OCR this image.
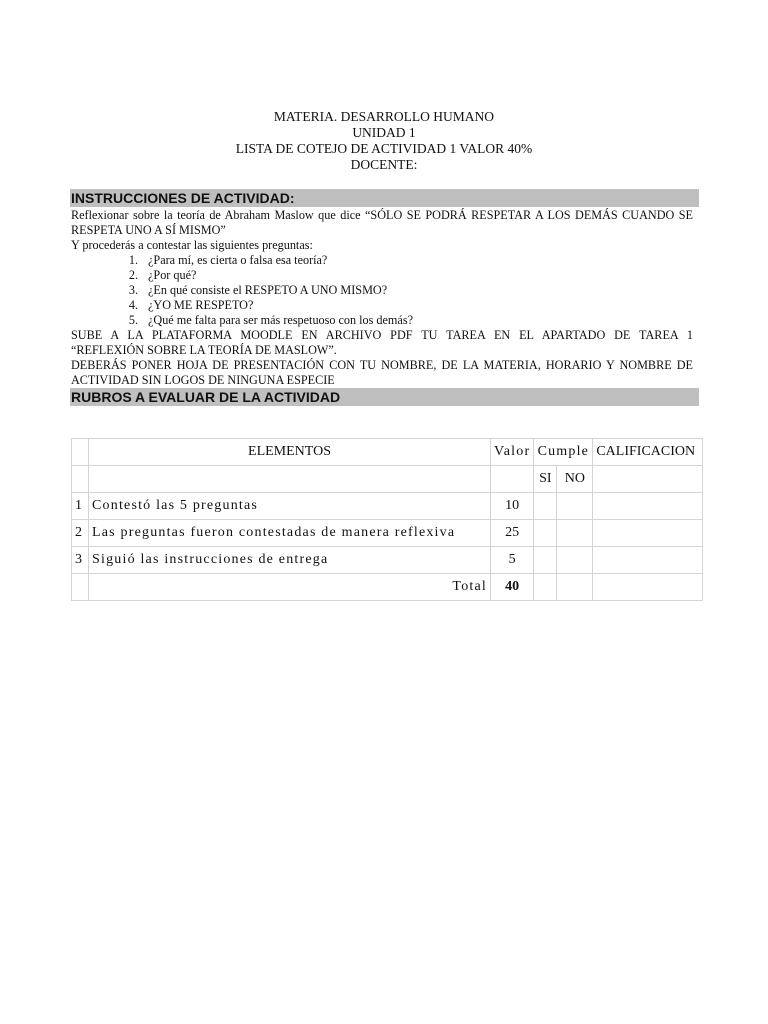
MATERIA. DESARROLLO HUMANO
UNIDAD 1
LISTA DE COTEJO DE ACTIVIDAD 1 VALOR 40%
DOCENTE:
INSTRUCCIONES DE ACTIVIDAD:
Reflexionar sobre la teoría de Abraham Maslow que dice “SÓLO SE PODRÁ RESPETAR A LOS DEMÁS CUANDO SE
RESPETA UNO A SÍ MISMO”
Y procederás a contestar las siguientes preguntas:
1. ¿Para mí, es cierta o falsa esa teoría?
2. ¿Por qué?
3. ¿En qué consiste el RESPETO A UNO MISMO?
4. ¿YO ME RESPETO?
5. ¿Qué me falta para ser más respetuoso con los demás?
SUBE A LA PLATAFORMA MOODLE EN ARCHIVO PDF TU TAREA EN EL APARTADO DE TAREA 1
“REFLEXIÓN SOBRE LA TEORÍA DE MASLOW”.
DEBERÁS PONER HOJA DE PRESENTACIÓN CON TU NOMBRE, DE LA MATERIA, HORARIO Y NOMBRE DE
ACTIVIDAD SIN LOGOS DE NINGUNA ESPECIE
RUBROS A EVALUAR DE LA ACTIVIDAD
	ELEMENTOS	Valor	Cumple		CALIFICACION
			SI	NO	
1	Contestó las 5 preguntas	10			
2	Las preguntas fueron contestadas de manera reflexiva	25			
3	Siguió las instrucciones de entrega	5			
	Total	40			
